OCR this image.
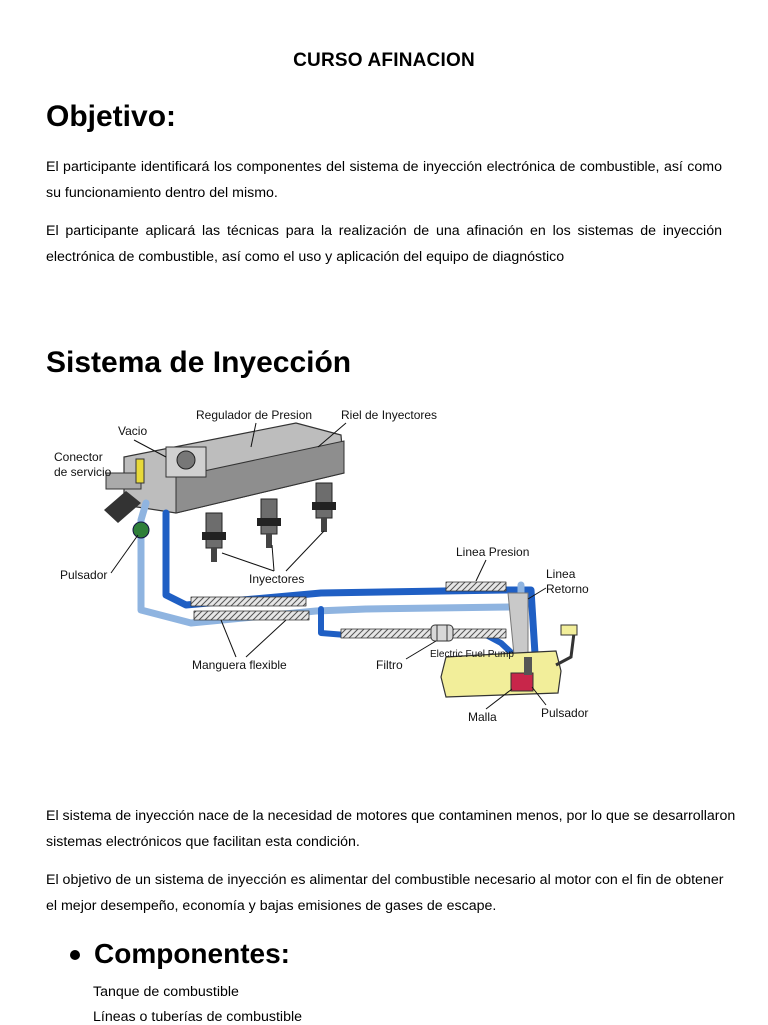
CURSO AFINACION
Objetivo:

El participante identificará los componentes del sistema de inyección electrónica de combustible, así como su funcionamiento dentro del mismo.

El participante aplicará las técnicas para la realización de una afinación en los sistemas de inyección electrónica de combustible, así como el uso y aplicación del equipo de diagnóstico

Sistema de Inyección
Regulador de Presion Riel de Inyectores
Vacio
Conector
de servicio
Pulsador	Inyectores
Linea Presion
Linea
Retorno
Manguera flexible	Filtro
Electric Fuel Pump
Malla	Pulsador

El sistema de inyección nace de la necesidad de motores que contaminen menos, por lo que se desarrollaron sistemas electrónicos que facilitan esta condición.

El objetivo de un sistema de inyección es alimentar del combustible necesario al motor con el fin de obtener el mejor desempeño, economía y bajas emisiones de gases de escape.

Componentes:
Tanque de combustible
Líneas o tuberías de combustible
